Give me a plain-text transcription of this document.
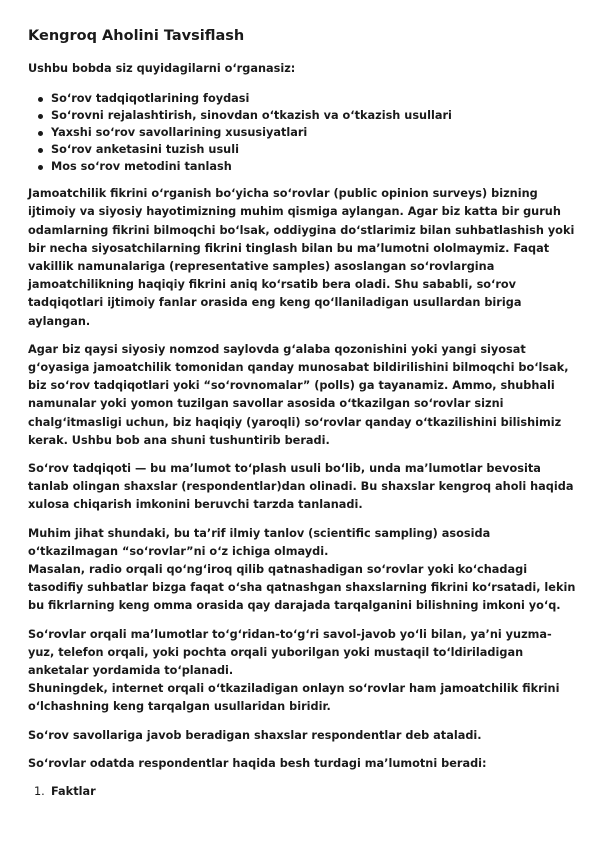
Kengroq Aholini Tavsiflash

Ushbu bobda siz quyidagilarni o‘rganasiz:

So‘rov tadqiqotlarining foydasi
So‘rovni rejalashtirish, sinovdan o‘tkazish va o‘tkazish usullari
Yaxshi so‘rov savollarining xususiyatlari
So‘rov anketasini tuzish usuli
Mos so‘rov metodini tanlash

Jamoatchilik fikrini o‘rganish bo‘yicha so‘rovlar (public opinion surveys) bizning ijtimoiy va siyosiy hayotimizning muhim qismiga aylangan. Agar biz katta bir guruh odamlarning fikrini bilmoqchi bo‘lsak, oddiygina do‘stlarimiz bilan suhbatlashish yoki bir necha siyosatchilarning fikrini tinglash bilan bu ma’lumotni ololmaymiz. Faqat vakillik namunalariga (representative samples) asoslangan so‘rovlargina jamoatchilikning haqiqiy fikrini aniq ko‘rsatib bera oladi. Shu sababli, so‘rov tadqiqotlari ijtimoiy fanlar orasida eng keng qo‘llaniladigan usullardan biriga aylangan.

Agar biz qaysi siyosiy nomzod saylovda g‘alaba qozonishini yoki yangi siyosat g‘oyasiga jamoatchilik tomonidan qanday munosabat bildirilishini bilmoqchi bo‘lsak, biz so‘rov tadqiqotlari yoki “so‘rovnomalar” (polls) ga tayanamiz. Ammo, shubhali namunalar yoki yomon tuzilgan savollar asosida o‘tkazilgan so‘rovlar sizni chalg‘itmasligi uchun, biz haqiqiy (yaroqli) so‘rovlar qanday o‘tkazilishini bilishimiz kerak. Ushbu bob ana shuni tushuntirib beradi.

So‘rov tadqiqoti — bu ma’lumot to‘plash usuli bo‘lib, unda ma’lumotlar bevosita tanlab olingan shaxslar (respondentlar)dan olinadi. Bu shaxslar kengroq aholi haqida xulosa chiqarish imkonini beruvchi tarzda tanlanadi.

Muhim jihat shundaki, bu ta’rif ilmiy tanlov (scientific sampling) asosida o‘tkazilmagan “so‘rovlar”ni o‘z ichiga olmaydi.
Masalan, radio orqali qo‘ng‘iroq qilib qatnashadigan so‘rovlar yoki ko‘chadagi tasodifiy suhbatlar bizga faqat o‘sha qatnashgan shaxslarning fikrini ko‘rsatadi, lekin bu fikrlarning keng omma orasida qay darajada tarqalganini bilishning imkoni yo‘q.

So‘rovlar orqali ma’lumotlar to‘g‘ridan-to‘g‘ri savol-javob yo‘li bilan, ya’ni yuzma-yuz, telefon orqali, yoki pochta orqali yuborilgan yoki mustaqil to‘ldiriladigan anketalar yordamida to‘planadi.
Shuningdek, internet orqali o‘tkaziladigan onlayn so‘rovlar ham jamoatchilik fikrini o‘lchashning keng tarqalgan usullaridan biridir.

So‘rov savollariga javob beradigan shaxslar respondentlar deb ataladi.

So‘rovlar odatda respondentlar haqida besh turdagi ma’lumotni beradi:

1. Faktlar
